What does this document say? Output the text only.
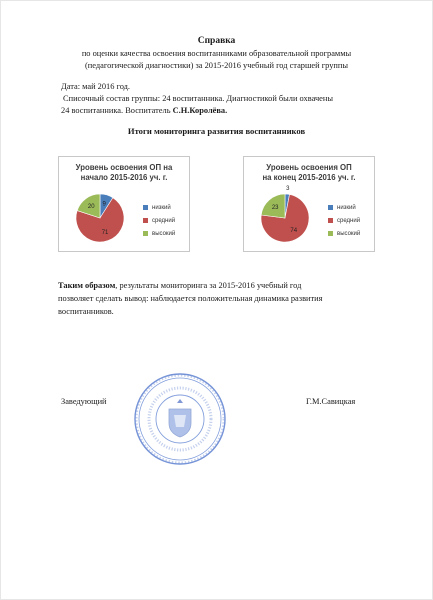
Справка
по оценки качества освоения воспитанниками образовательной программы
(педагогической диагностики) за 2015-2016 учебный год старшей группы
Дата: май 2016 год.
Списочный состав группы: 24 воспитанника. Диагностикой были охвачены
24 воспитанника. Воспитатель С.Н.Королёва.
Итоги мониторинга развития воспитанников
Уровень освоения ОП на
начало 2015-2016 уч. г.
9
71
20	низкий
средний
высокий
Уровень освоения ОП
на конец 2015-2016 уч. г.
3
74
23	низкий
средний
высокий
Таким образом, результаты мониторинга за 2015-2016 учебный год
позволяет сделать вывод: наблюдается положительная динамика развития
воспитанников.
Заведующий	Г.М.Савицкая
